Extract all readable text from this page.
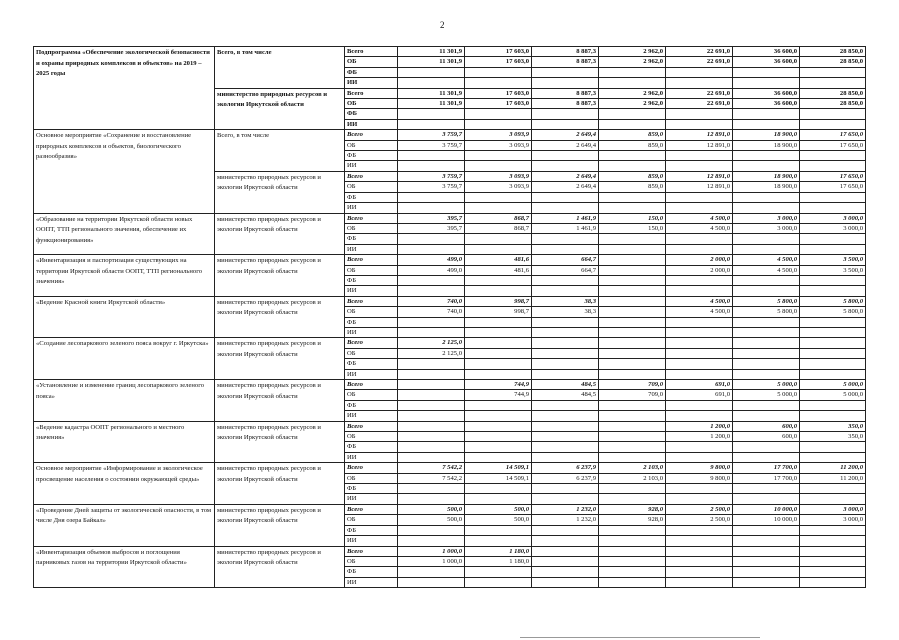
2
Подпрограмма «Обеспечение экологической безопасности и охраны природных комплексов и объектов» на 2019 – 2025 годы	Всего, в том числе	Всего	11 301,9	17 603,0	8 887,3	2 962,0	22 691,0	36 600,0	28 850,0
		ОБ	11 301,9	17 603,0	8 887,3	2 962,0	22 691,0	36 600,0	28 850,0
		ФБ							
		ИИ							
	министерство природных ресурсов и экологии Иркутской области	Всего	11 301,9	17 603,0	8 887,3	2 962,0	22 691,0	36 600,0	28 850,0
		ОБ	11 301,9	17 603,0	8 887,3	2 962,0	22 691,0	36 600,0	28 850,0
		ФБ							
		ИИ							
Основное мероприятие «Сохранение и восстановление природных комплексов и объектов, биологического разнообразия»	Всего, в том числе	Всего	3 759,7	3 093,9	2 649,4	859,0	12 891,0	18 900,0	17 650,0
		ОБ	3 759,7	3 093,9	2 649,4	859,0	12 891,0	18 900,0	17 650,0
		ФБ							
		ИИ							
	министерство природных ресурсов и экологии Иркутской области	Всего	3 759,7	3 093,9	2 649,4	859,0	12 891,0	18 900,0	17 650,0
		ОБ	3 759,7	3 093,9	2 649,4	859,0	12 891,0	18 900,0	17 650,0
		ФБ							
		ИИ							
«Образование на территории Иркутской области новых ООПТ, ТТП регионального значения, обеспечение их функционирования»	министерство природных ресурсов и экологии Иркутской области	Всего	395,7	868,7	1 461,9	150,0	4 500,0	3 000,0	3 000,0
		ОБ	395,7	868,7	1 461,9	150,0	4 500,0	3 000,0	3 000,0
		ФБ							
		ИИ							
«Инвентаризация и паспортизация существующих на территории Иркутской области ООПТ, ТТП регионального значения»	министерство природных ресурсов и экологии Иркутской области	Всего	499,0	481,6	664,7		2 000,0	4 500,0	3 500,0
		ОБ	499,0	481,6	664,7		2 000,0	4 500,0	3 500,0
		ФБ							
		ИИ							
«Ведение Красной книги Иркутской области»	министерство природных ресурсов и экологии Иркутской области	Всего	740,0	998,7	38,3		4 500,0	5 800,0	5 800,0
		ОБ	740,0	998,7	38,3		4 500,0	5 800,0	5 800,0
		ФБ							
		ИИ							
«Создание лесопаркового зеленого пояса вокруг г. Иркутска»	министерство природных ресурсов и экологии Иркутской области	Всего	2 125,0						
		ОБ	2 125,0						
		ФБ							
		ИИ							
«Установление и изменение границ лесопаркового зеленого пояса»	министерство природных ресурсов и экологии Иркутской области	Всего		744,9	484,5	709,0	691,0	5 000,0	5 000,0
		ОБ		744,9	484,5	709,0	691,0	5 000,0	5 000,0
		ФБ							
		ИИ							
«Ведение кадастра ООПТ регионального и местного значения»	министерство природных ресурсов и экологии Иркутской области	Всего					1 200,0	600,0	350,0
		ОБ					1 200,0	600,0	350,0
		ФБ							
		ИИ							
Основное мероприятие «Информирование и экологическое просвещение населения о состоянии окружающей среды»	министерство природных ресурсов и экологии Иркутской области	Всего	7 542,2	14 509,1	6 237,9	2 103,0	9 800,0	17 700,0	11 200,0
		ОБ	7 542,2	14 509,1	6 237,9	2 103,0	9 800,0	17 700,0	11 200,0
		ФБ							
		ИИ							
«Проведение Дней защиты от экологической опасности, в том числе Дня озера Байкал»	министерство природных ресурсов и экологии Иркутской области	Всего	500,0	500,0	1 232,0	928,0	2 500,0	10 000,0	3 000,0
		ОБ	500,0	500,0	1 232,0	928,0	2 500,0	10 000,0	3 000,0
		ФБ							
		ИИ							
«Инвентаризация объемов выбросов и поглощения парниковых газов на территории Иркутской области»	министерство природных ресурсов и экологии Иркутской области	Всего	1 000,0	1 180,0					
		ОБ	1 000,0	1 180,0					
		ФБ							
		ИИ							
